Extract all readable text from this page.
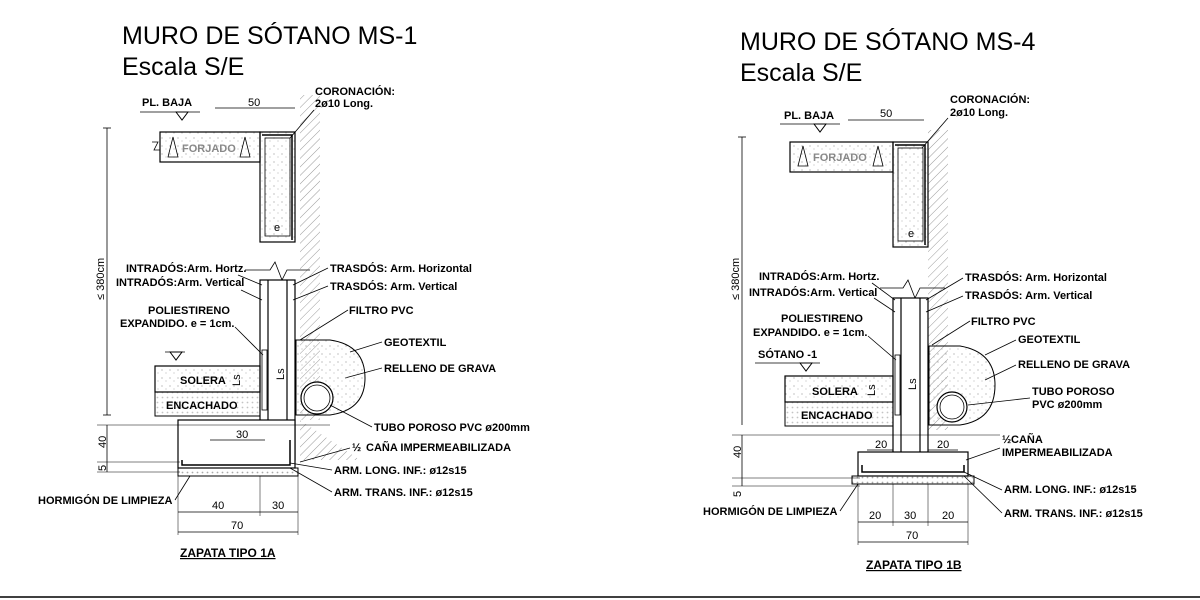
MURO DE SÓTANO MS-1
Escala S/E
≤ 380cm
PL. BAJA	50
FORJADO
e
CORONACIÓN:
2ø10 Long.
Ls
INTRADÓS:Arm. Hortz.
INTRADÓS:Arm. Vertical
TRASDÓS: Arm. Horizontal
TRASDÓS: Arm. Vertical
FILTRO PVC
POLIESTIRENO
EXPANDIDO. e = 1cm.
GEOTEXTIL
RELLENO DE GRAVA
SOLERA Ls
ENCACHADO
30
TUBO POROSO PVC ø200mm
½ CAÑA IMPERMEABILIZADA
40
5	ARM. LONG. INF.: ø12s15
ARM. TRANS. INF.: ø12s15
HORMIGÓN DE LIMPIEZA	40	30
70
ZAPATA TIPO 1A
MURO DE SÓTANO MS-4
Escala S/E
≤ 380cm
PL. BAJA	50
FORJADO
e
CORONACIÓN:
2ø10 Long.
Ls
INTRADÓS:Arm. Hortz.
INTRADÓS:Arm. Vertical
TRASDÓS: Arm. Horizontal
TRASDÓS: Arm. Vertical
FILTRO PVC
POLIESTIRENO
EXPANDIDO. e = 1cm.
GEOTEXTIL
RELLENO DE GRAVA
TUBO POROSO
PVC ø200mm
SÓTANO -1
SOLERA Ls
ENCACHADO
20	20	½ CAÑA
IMPERMEABILIZADA
40
5	ARM. LONG. INF.: ø12s15
ARM. TRANS. INF.: ø12s15
HORMIGÓN DE LIMPIEZA	20 30 20
70
ZAPATA TIPO 1B
